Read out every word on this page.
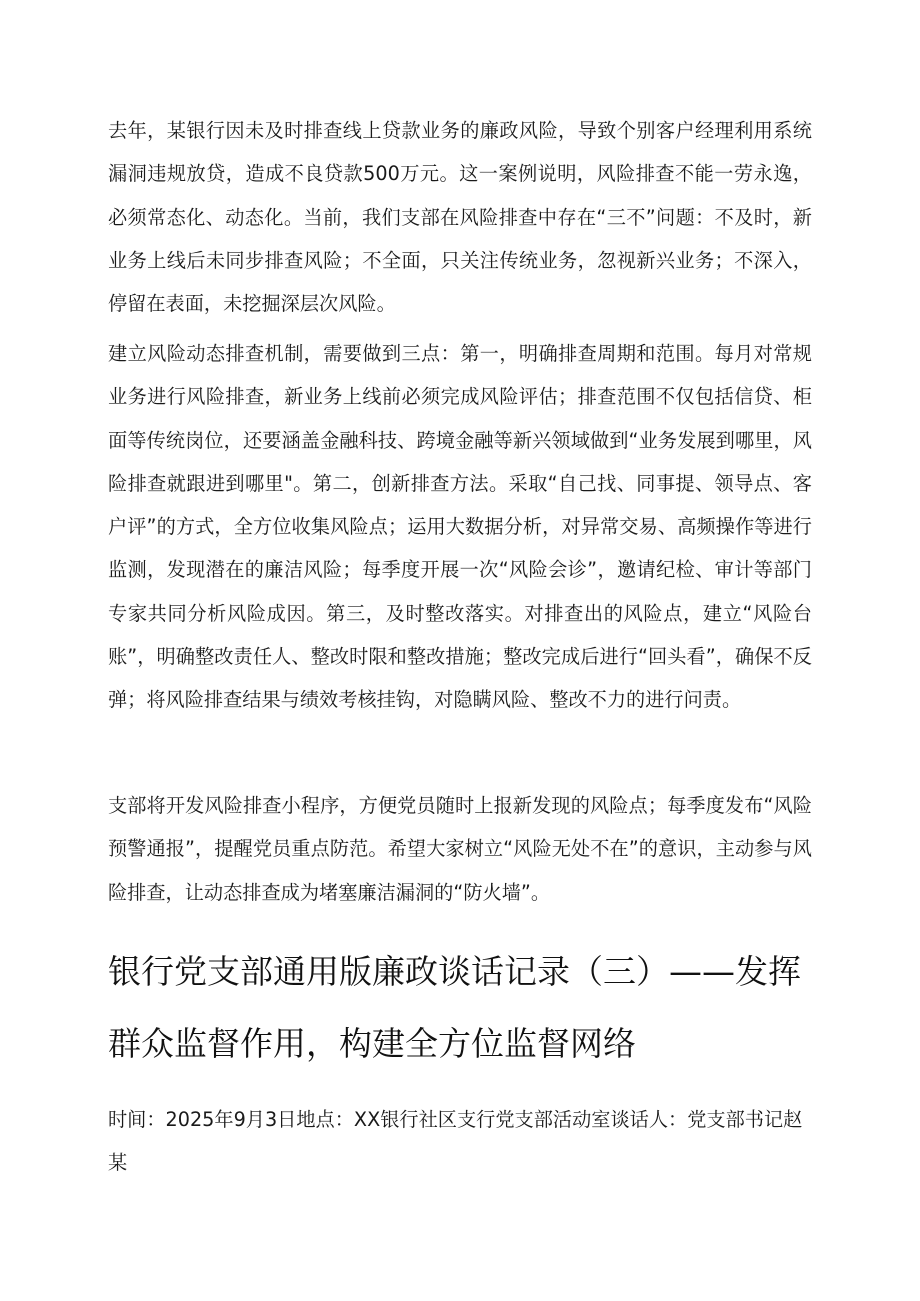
去年，某银行因未及时排查线上贷款业务的廉政风险，导致个别客户经理利用系统漏洞违规放贷，造成不良贷款500万元。这一案例说明，风险排查不能一劳永逸，必须常态化、动态化。当前，我们支部在风险排查中存在“三不”问题：不及时，新业务上线后未同步排查风险；不全面，只关注传统业务，忽视新兴业务；不深入，停留在表面，未挖掘深层次风险。

建立风险动态排查机制，需要做到三点：第一，明确排查周期和范围。每月对常规业务进行风险排查，新业务上线前必须完成风险评估；排查范围不仅包括信贷、柜面等传统岗位，还要涵盖金融科技、跨境金融等新兴领域做到“业务发展到哪里，风险排查就跟进到哪里"。第二，创新排查方法。采取“自己找、同事提、领导点、客户评”的方式，全方位收集风险点；运用大数据分析，对异常交易、高频操作等进行监测，发现潜在的廉洁风险；每季度开展一次“风险会诊”，邀请纪检、审计等部门专家共同分析风险成因。第三，及时整改落实。对排查出的风险点，建立“风险台账”，明确整改责任人、整改时限和整改措施；整改完成后进行“回头看”，确保不反弹；将风险排查结果与绩效考核挂钩，对隐瞒风险、整改不力的进行问责。

支部将开发风险排查小程序，方便党员随时上报新发现的风险点；每季度发布“风险预警通报”，提醒党员重点防范。希望大家树立“风险无处不在”的意识，主动参与风险排查，让动态排查成为堵塞廉洁漏洞的“防火墙”。

银行党支部通用版廉政谈话记录（三）——发挥群众监督作用，构建全方位监督网络

时间：2025年9月3日地点：XX银行社区支行党支部活动室谈话人：党支部书记赵某
